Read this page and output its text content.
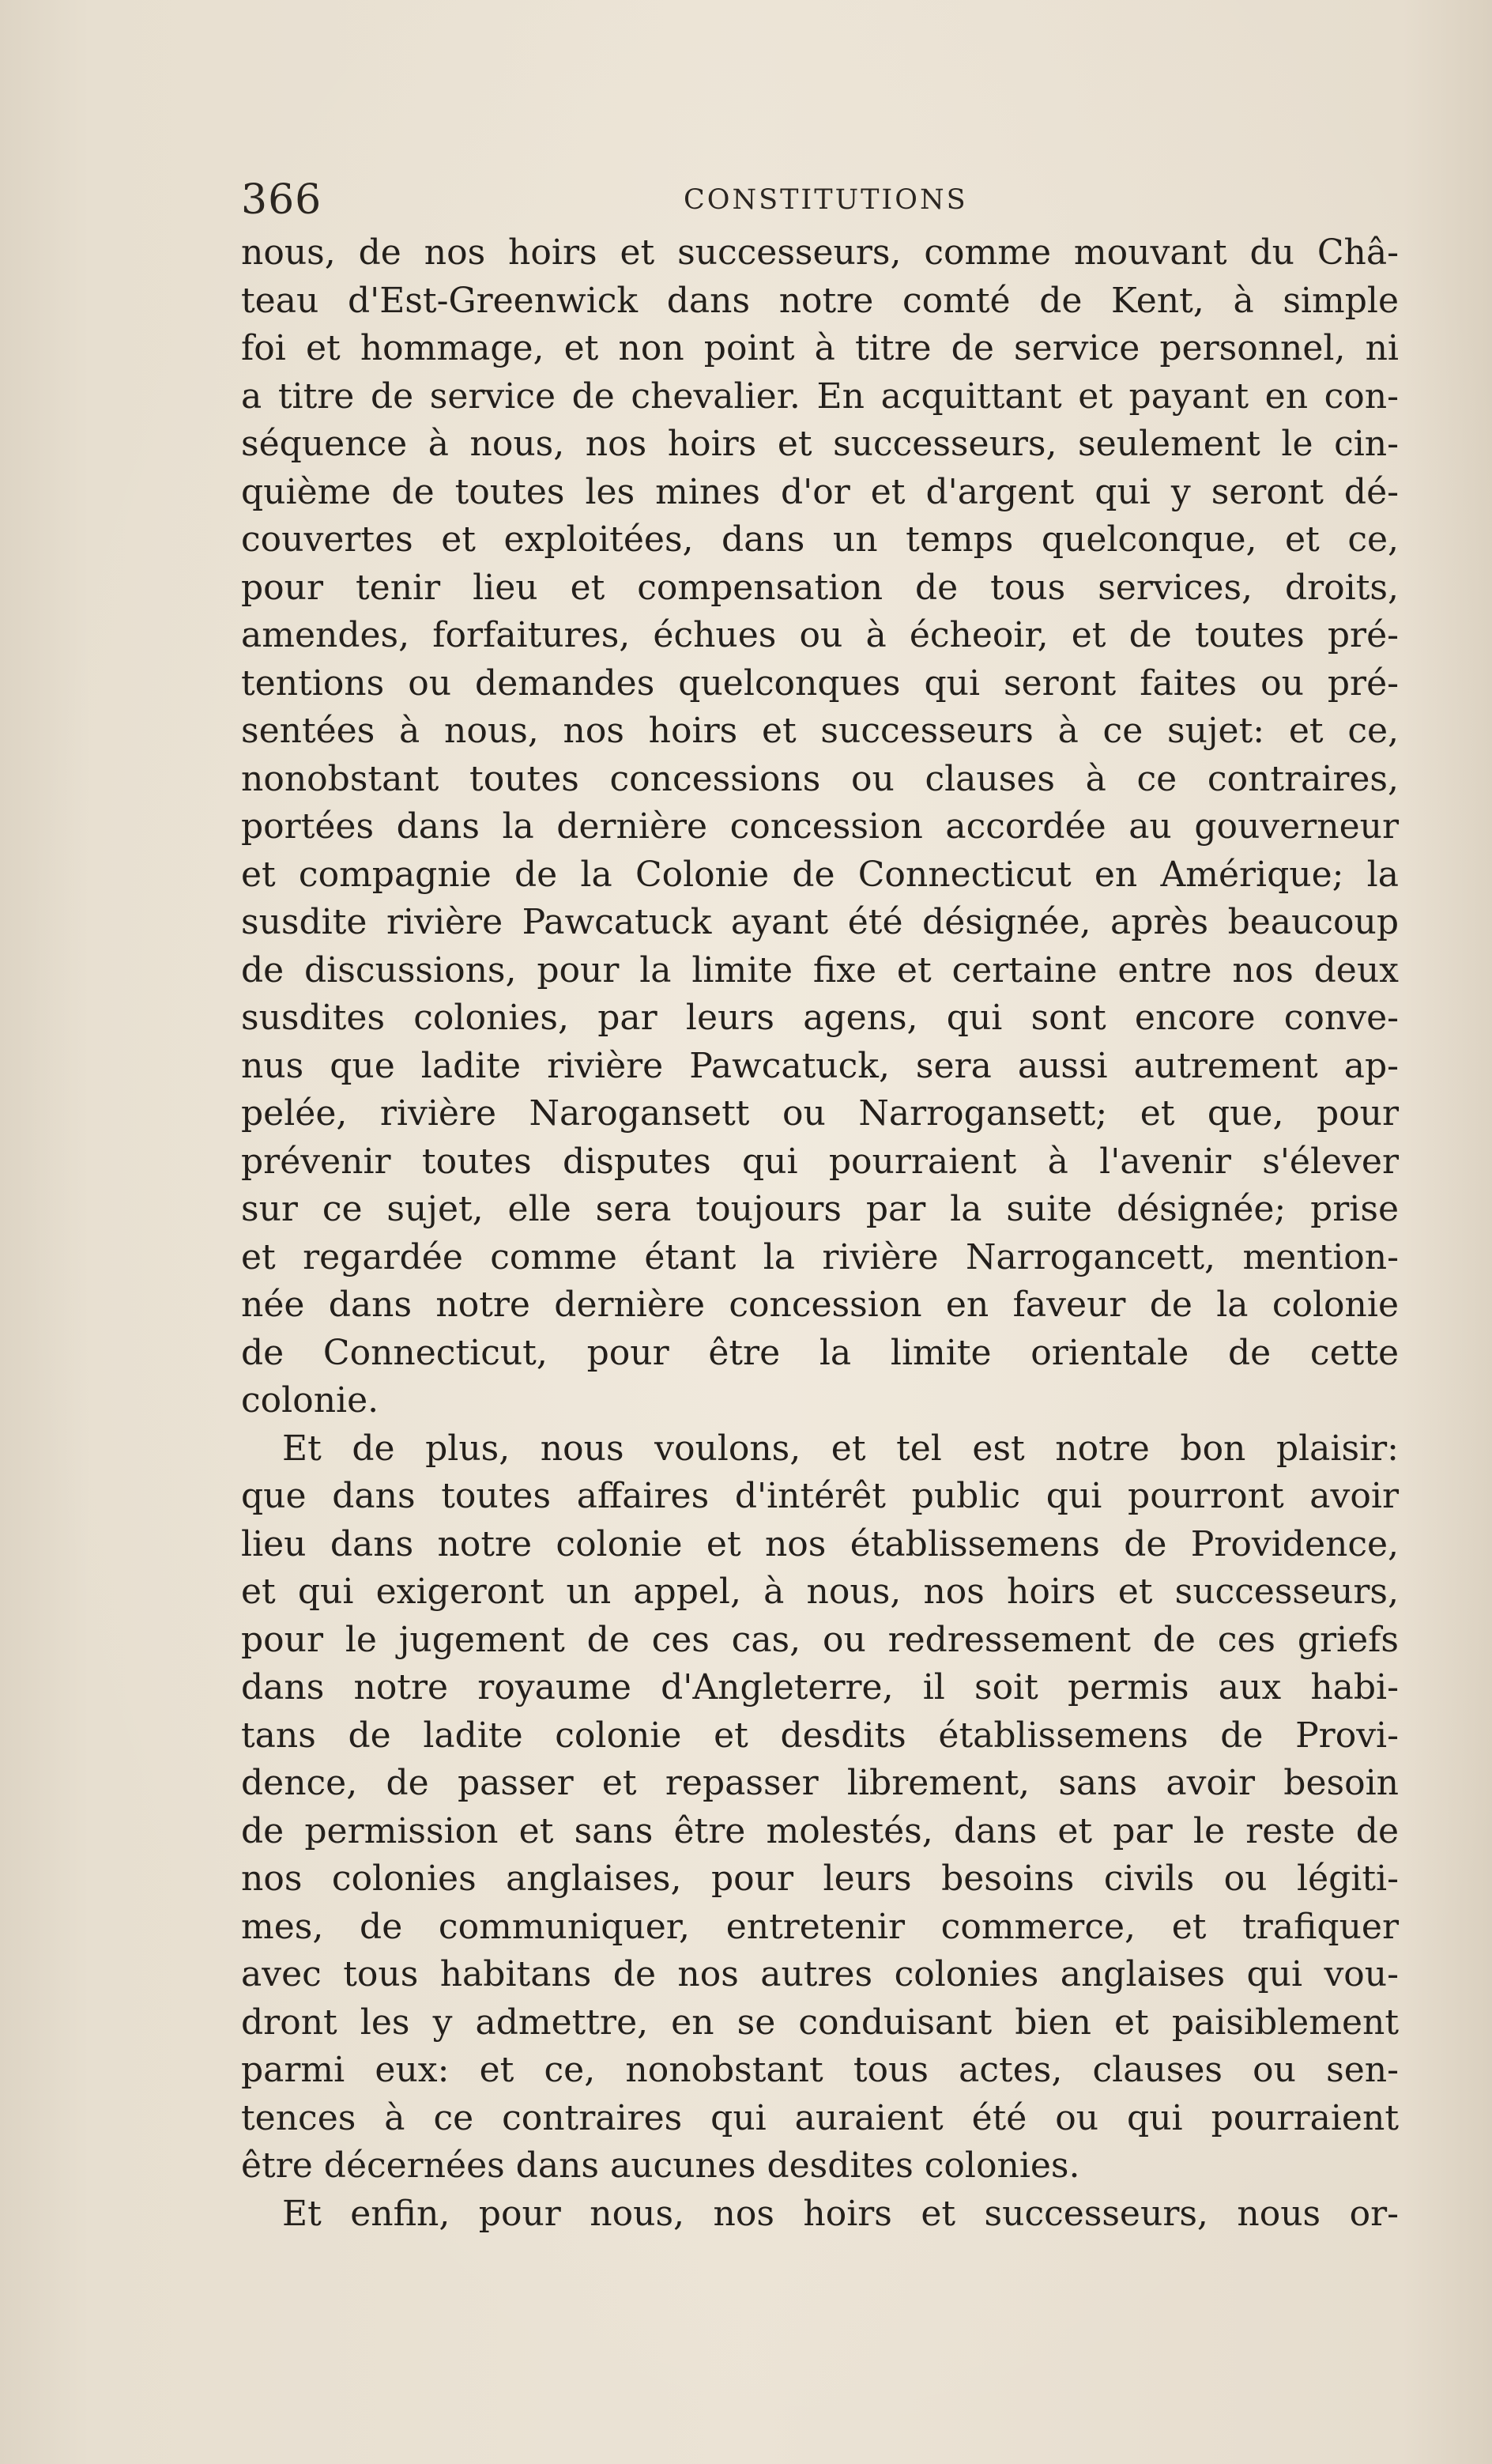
366	CONSTITUTIONS
nous, de nos hoirs et successeurs, comme mouvant du Châ-
teau d'Est-Greenwick dans notre comté de Kent, à simple
foi et hommage, et non point à titre de service personnel, ni
a titre de service de chevalier. En acquittant et payant en con-
séquence à nous, nos hoirs et successeurs, seulement le cin-
quième de toutes les mines d'or et d'argent qui y seront dé-
couvertes et exploitées, dans un temps quelconque, et ce,
pour tenir lieu et compensation de tous services, droits,
amendes, forfaitures, échues ou à écheoir, et de toutes pré-
tentions ou demandes quelconques qui seront faites ou pré-
sentées à nous, nos hoirs et successeurs à ce sujet: et ce,
nonobstant toutes concessions ou clauses à ce contraires,
portées dans la dernière concession accordée au gouverneur
et compagnie de la Colonie de Connecticut en Amérique; la
susdite rivière Pawcatuck ayant été désignée, après beaucoup
de discussions, pour la limite fixe et certaine entre nos deux
susdites colonies, par leurs agens, qui sont encore conve-
nus que ladite rivière Pawcatuck, sera aussi autrement ap-
pelée, rivière Narogansett ou Narrogansett; et que, pour
prévenir toutes disputes qui pourraient à l'avenir s'élever
sur ce sujet, elle sera toujours par la suite désignée; prise
et regardée comme étant la rivière Narrogancett, mention-
née dans notre dernière concession en faveur de la colonie
de Connecticut, pour être la limite orientale de cette
colonie.
Et de plus, nous voulons, et tel est notre bon plaisir:
que dans toutes affaires d'intérêt public qui pourront avoir
lieu dans notre colonie et nos établissemens de Providence,
et qui exigeront un appel, à nous, nos hoirs et successeurs,
pour le jugement de ces cas, ou redressement de ces griefs
dans notre royaume d'Angleterre, il soit permis aux habi-
tans de ladite colonie et desdits établissemens de Provi-
dence, de passer et repasser librement, sans avoir besoin
de permission et sans être molestés, dans et par le reste de
nos colonies anglaises, pour leurs besoins civils ou légiti-
mes, de communiquer, entretenir commerce, et trafiquer
avec tous habitans de nos autres colonies anglaises qui vou-
dront les y admettre, en se conduisant bien et paisiblement
parmi eux: et ce, nonobstant tous actes, clauses ou sen-
tences à ce contraires qui auraient été ou qui pourraient
être décernées dans aucunes desdites colonies.
Et enfin, pour nous, nos hoirs et successeurs, nous or-
